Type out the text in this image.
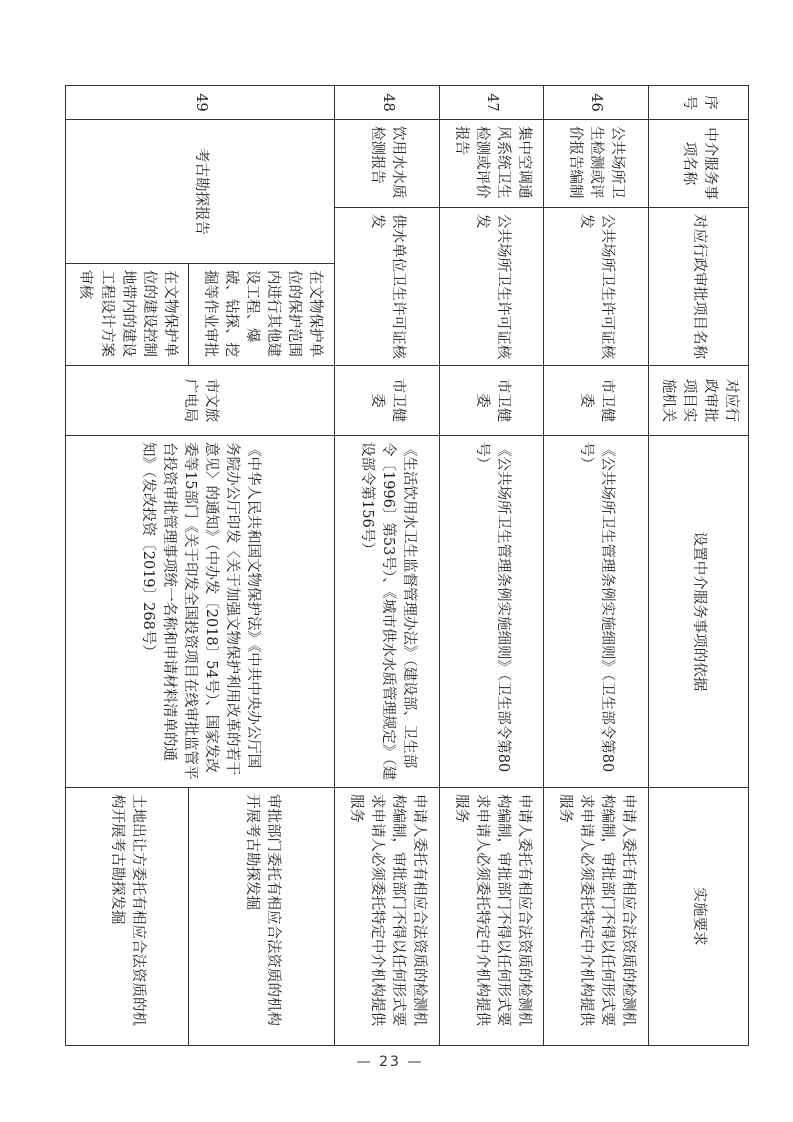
序号	中介服务事项名称	对应行政审批项目名称		对应行政审批项目实施机关	设置中介服务事项的依据	实施要求
46	公共场所卫生检测或评价报告编制	公共场所卫生许可证核发		市卫健委	《公共场所卫生管理条例实施细则》（卫生部令第80号）	申请人委托有相应合法资质的检测机构编制，审批部门不得以任何形式要求申请人必须委托特定中介机构提供服务
47	集中空调通风系统卫生检测或评价报告	公共场所卫生许可证核发		市卫健委	《公共场所卫生管理条例实施细则》（卫生部令第80号）	申请人委托有相应合法资质的检测机构编制，审批部门不得以任何形式要求申请人必须委托特定中介机构提供服务
48	饮用水水质检测报告	供水单位卫生许可证核发		市卫健委	《生活饮用水卫生监督管理办法》（建设部、卫生部令〔1996〕第53号）、《城市供水水质管理规定》（建设部令第156号）	申请人委托有相应合法资质的检测机构编制，审批部门不得以任何形式要求申请人必须委托特定中介机构提供服务
49	考古勘探报告		在文物保护单位的保护范围内进行其他建设工程、爆破、钻探、挖掘等作业审批	市文旅广电局	《中华人民共和国文物保护法》《中共中央办公厅国务院办公厅印发〈关于加强文物保护利用改革的若干意见〉的通知》（中办发〔2018〕54号）、国家发改委等15部门《关于印发全国投资项目在线审批监管平台投资审批管理事项统一名称和申请材料清单的通知》（发改投资〔2019〕268号）	审批部门委托有相应合法资质的机构开展考古勘探发掘
			在文物保护单位的建设控制地带内的建设工程设计方案审核			土地出让方委托有相应合法资质的机构开展考古勘探发掘
— 23 —
